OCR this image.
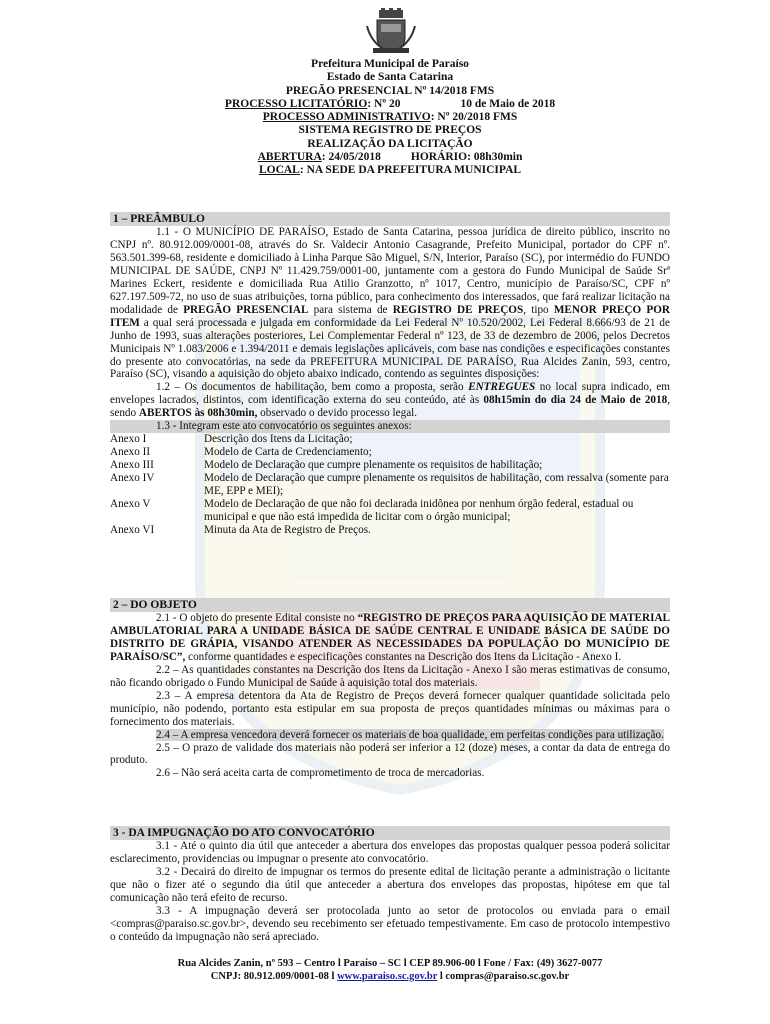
Prefeitura Municipal de Paraíso
Estado de Santa Catarina
PREGÃO PRESENCIAL Nº 14/2018 FMS
PROCESSO LICITATÓRIO: Nº 20	10 de Maio de 2018
PROCESSO ADMINISTRATIVO: Nº 20/2018 FMS
SISTEMA REGISTRO DE PREÇOS
REALIZAÇÃO DA LICITAÇÃO
ABERTURA: 24/05/2018	HORÁRIO: 08h30min
LOCAL: NA SEDE DA PREFEITURA MUNICIPAL
1 – PREÂMBULO

1.1 - O MUNICÍPIO DE PARAÍSO, Estado de Santa Catarina, pessoa jurídica de direito público, inscrito no CNPJ nº. 80.912.009/0001-08, através do Sr. Valdecir Antonio Casagrande, Prefeito Municipal, portador do CPF nº. 563.501.399-68, residente e domiciliado à Linha Parque São Miguel, S/N, Interior, Paraíso (SC), por intermédio do FUNDO MUNICIPAL DE SAÚDE, CNPJ Nº 11.429.759/0001-00, juntamente com a gestora do Fundo Municipal de Saúde Srª Marines Eckert, residente e domiciliada Rua Atilio Granzotto, nº 1017, Centro, município de Paraíso/SC, CPF nº 627.197.509-72, no uso de suas atribuições, torna público, para conhecimento dos interessados, que fará realizar licitação na modalidade de PREGÃO PRESENCIAL para sistema de REGISTRO DE PREÇOS, tipo MENOR PREÇO POR ITEM a qual será processada e julgada em conformidade da Lei Federal Nº 10.520/2002, Lei Federal 8.666/93 de 21 de Junho de 1993, suas alterações posteriores, Lei Complementar Federal nº 123, de 33 de dezembro de 2006, pelos Decretos Municipais Nº 1.083/2006 e 1.394/2011 e demais legislações aplicáveis, com base nas condições e especificações constantes do presente ato convocatórias, na sede da PREFEITURA MUNICIPAL DE PARAÍSO, Rua Alcides Zanin, 593, centro, Paraíso (SC), visando a aquisição do objeto abaixo indicado, contendo as seguintes disposições:

1.2 – Os documentos de habilitação, bem como a proposta, serão ENTREGUES no local supra indicado, em envelopes lacrados, distintos, com identificação externa do seu conteúdo, até às 08h15min do dia 24 de Maio de 2018, sendo ABERTOS às 08h30min, observado o devido processo legal.

1.3 - Integram este ato convocatório os seguintes anexos:

Anexo I	Descrição dos Itens da Licitação;
Anexo II	Modelo de Carta de Credenciamento;
Anexo III	Modelo de Declaração que cumpre plenamente os requisitos de habilitação;
Anexo IV	Modelo de Declaração que cumpre plenamente os requisitos de habilitação, com ressalva (somente para ME, EPP e MEI);
Anexo V	Modelo de Declaração de que não foi declarada inidônea por nenhum órgão federal, estadual ou municipal e que não está impedida de licitar com o órgão municipal;
Anexo VI	Minuta da Ata de Registro de Preços.
2 – DO OBJETO

2.1 - O objeto do presente Edital consiste no “REGISTRO DE PREÇOS PARA AQUISIÇÃO DE MATERIAL AMBULATORIAL PARA A UNIDADE BÁSICA DE SAÚDE CENTRAL E UNIDADE BÁSICA DE SAÚDE DO DISTRITO DE GRÁPIA, VISANDO ATENDER AS NECESSIDADES DA POPULAÇÃO DO MUNICÍPIO DE PARAÍSO/SC”, conforme quantidades e especificações constantes na Descrição dos Itens da Licitação - Anexo I.

2.2 – As quantidades constantes na Descrição dos Itens da Licitação - Anexo I são meras estimativas de consumo, não ficando obrigado o Fundo Municipal de Saúde à aquisição total dos materiais.

2.3 – A empresa detentora da Ata de Registro de Preços deverá fornecer qualquer quantidade solicitada pelo município, não podendo, portanto esta estipular em sua proposta de preços quantidades mínimas ou máximas para o fornecimento dos materiais.

2.4 – A empresa vencedora deverá fornecer os materiais de boa qualidade, em perfeitas condições para utilização.

2.5 – O prazo de validade dos materiais não poderá ser inferior a 12 (doze) meses, a contar da data de entrega do produto.

2.6 – Não será aceita carta de comprometimento de troca de mercadorias.

3 - DA IMPUGNAÇÃO DO ATO CONVOCATÓRIO

3.1 - Até o quinto dia útil que anteceder a abertura dos envelopes das propostas qualquer pessoa poderá solicitar esclarecimento, providencias ou impugnar o presente ato convocatório.

3.2 - Decairá do direito de impugnar os termos do presente edital de licitação perante a administração o licitante que não o fizer até o segundo dia útil que anteceder a abertura dos envelopes das propostas, hipótese em que tal comunicação não terá efeito de recurso.

3.3 - A impugnação deverá ser protocolada junto ao setor de protocolos ou enviada para o email <compras@paraiso.sc.gov.br>, devendo seu recebimento ser efetuado tempestivamente. Em caso de protocolo intempestivo o conteúdo da impugnação não será apreciado.

Rua Alcides Zanin, nº 593 – Centro l Paraíso – SC l CEP 89.906-00 l Fone / Fax: (49) 3627-0077
CNPJ: 80.912.009/0001-08 l www.paraiso.sc.gov.br l compras@paraiso.sc.gov.br
